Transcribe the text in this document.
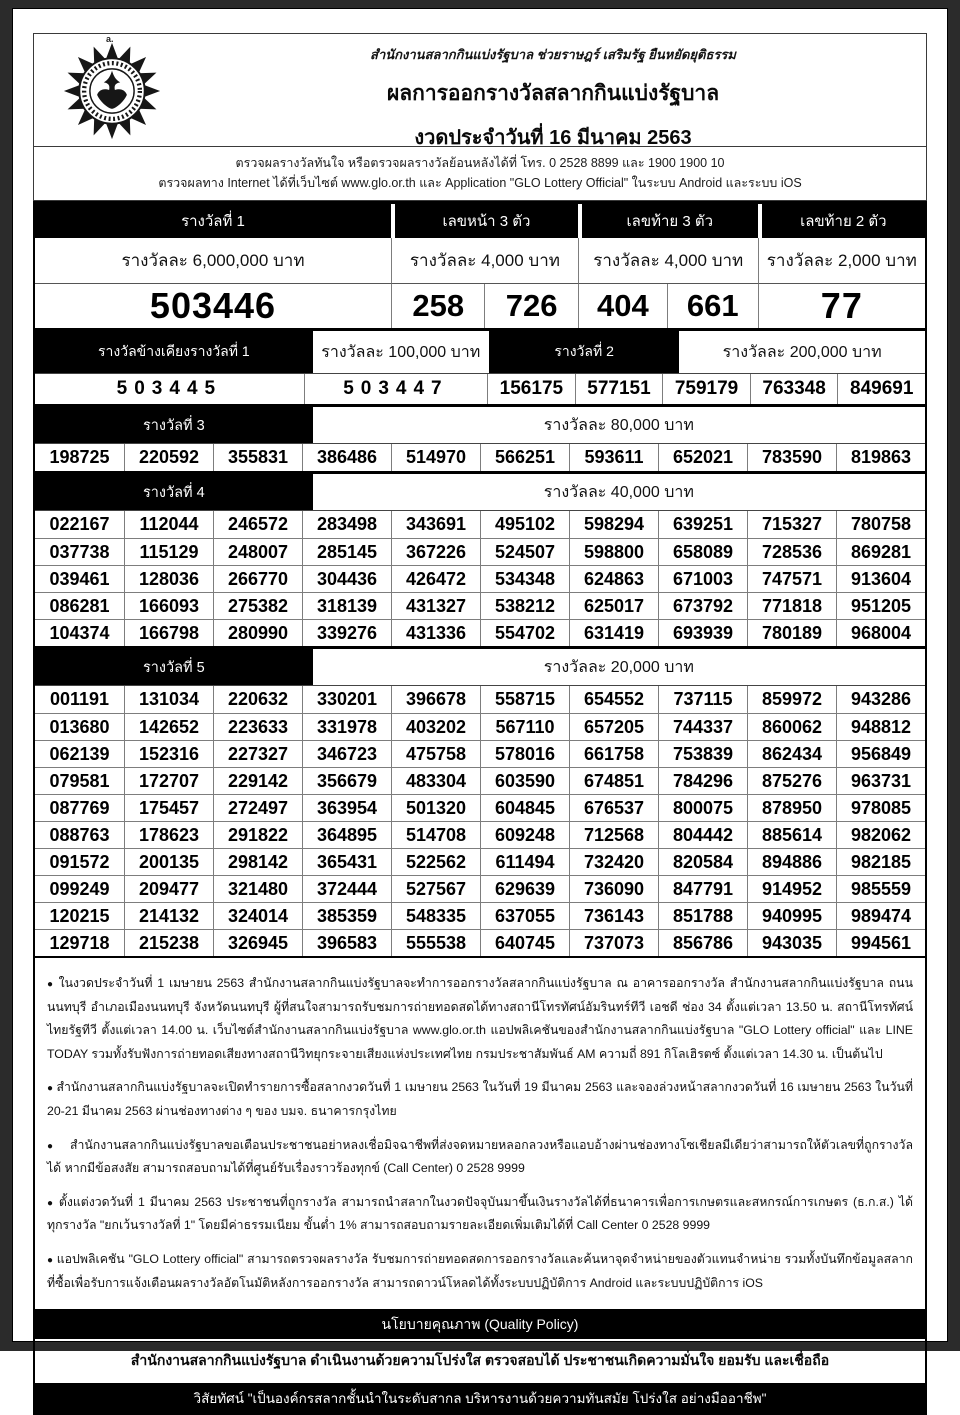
a.
สำนักงานสลากกินแบ่งรัฐบาล ช่วยราษฎร์ เสริมรัฐ ยืนหยัดยุติธรรม
ผลการออกรางวัลสลากกินแบ่งรัฐบาล
งวดประจำวันที่ 16 มีนาคม 2563
ตรวจผลรางวัลทันใจ หรือตรวจผลรางวัลย้อนหลังได้ที่ โทร. 0 2528 8899 และ 1900 1900 10
ตรวจผลทาง Internet ได้ที่เว็บไซต์ www.glo.or.th และ Application "GLO Lottery Official" ในระบบ Android และระบบ iOS
รางวัลที่ 1	เลขหน้า 3 ตัว	เลขท้าย 3 ตัว	เลขท้าย 2 ตัว
รางวัลละ 6,000,000 บาท	รางวัลละ 4,000 บาท	รางวัลละ 4,000 บาท	รางวัลละ 2,000 บาท
503446	258	726	404	661	77
รางวัลข้างเคียงรางวัลที่ 1	รางวัลละ 100,000 บาท	รางวัลที่ 2	รางวัลละ 200,000 บาท
503445	503447	156175	577151	759179	763348	849691
รางวัลที่ 3	รางวัลละ 80,000 บาท
198725	220592	355831	386486	514970	566251	593611	652021	783590	819863
รางวัลที่ 4	รางวัลละ 40,000 บาท
022167	112044	246572	283498	343691	495102	598294	639251	715327	780758
037738	115129	248007	285145	367226	524507	598800	658089	728536	869281
039461	128036	266770	304436	426472	534348	624863	671003	747571	913604
086281	166093	275382	318139	431327	538212	625017	673792	771818	951205
104374	166798	280990	339276	431336	554702	631419	693939	780189	968004
รางวัลที่ 5	รางวัลละ 20,000 บาท
001191	131034	220632	330201	396678	558715	654552	737115	859972	943286
013680	142652	223633	331978	403202	567110	657205	744337	860062	948812
062139	152316	227327	346723	475758	578016	661758	753839	862434	956849
079581	172707	229142	356679	483304	603590	674851	784296	875276	963731
087769	175457	272497	363954	501320	604845	676537	800075	878950	978085
088763	178623	291822	364895	514708	609248	712568	804442	885614	982062
091572	200135	298142	365431	522562	611494	732420	820584	894886	982185
099249	209477	321480	372444	527567	629639	736090	847791	914952	985559
120215	214132	324014	385359	548335	637055	736143	851788	940995	989474
129718	215238	326945	396583	555538	640745	737073	856786	943035	994561
● ในงวดประจำวันที่ 1 เมษายน 2563 สำนักงานสลากกินแบ่งรัฐบาลจะทำการออกรางวัลสลากกินแบ่งรัฐบาล ณ อาคารออกรางวัล สำนักงานสลากกินแบ่งรัฐบาล ถนนนนทบุรี อำเภอเมืองนนทบุรี จังหวัดนนทบุรี ผู้ที่สนใจสามารถรับชมการถ่ายทอดสดได้ทางสถานีโทรทัศน์อัมรินทร์ทีวี เอชดี ช่อง 34 ตั้งแต่เวลา 13.50 น. สถานีโทรทัศน์ไทยรัฐทีวี ตั้งแต่เวลา 14.00 น. เว็บไซต์สำนักงานสลากกินแบ่งรัฐบาล www.glo.or.th แอปพลิเคชันของสำนักงานสลากกินแบ่งรัฐบาล "GLO Lottery official" และ LINE TODAY รวมทั้งรับฟังการถ่ายทอดเสียงทางสถานีวิทยุกระจายเสียงแห่งประเทศไทย กรมประชาสัมพันธ์ AM ความถี่ 891 กิโลเฮิรตซ์ ตั้งแต่เวลา 14.30 น. เป็นต้นไป
● สำนักงานสลากกินแบ่งรัฐบาลจะเปิดทำรายการซื้อสลากงวดวันที่ 1 เมษายน 2563 ในวันที่ 19 มีนาคม 2563 และจองล่วงหน้าสลากงวดวันที่ 16 เมษายน 2563 ในวันที่ 20-21 มีนาคม 2563 ผ่านช่องทางต่าง ๆ ของ บมจ. ธนาคารกรุงไทย
● สำนักงานสลากกินแบ่งรัฐบาลขอเตือนประชาชนอย่าหลงเชื่อมิจฉาชีพที่ส่งจดหมายหลอกลวงหรือแอบอ้างผ่านช่องทางโซเชียลมีเดียว่าสามารถให้ตัวเลขที่ถูกรางวัลได้ หากมีข้อสงสัย สามารถสอบถามได้ที่ศูนย์รับเรื่องราวร้องทุกข์ (Call Center) 0 2528 9999
● ตั้งแต่งวดวันที่ 1 มีนาคม 2563 ประชาชนที่ถูกรางวัล สามารถนำสลากในงวดปัจจุบันมาขึ้นเงินรางวัลได้ที่ธนาคารเพื่อการเกษตรและสหกรณ์การเกษตร (ธ.ก.ส.) ได้ทุกรางวัล "ยกเว้นรางวัลที่ 1" โดยมีค่าธรรมเนียม ขั้นต่ำ 1% สามารถสอบถามรายละเอียดเพิ่มเติมได้ที่ Call Center 0 2528 9999
● แอปพลิเคชัน "GLO Lottery official" สามารถตรวจผลรางวัล รับชมการถ่ายทอดสดการออกรางวัลและค้นหาจุดจำหน่ายของตัวแทนจำหน่าย รวมทั้งบันทึกข้อมูลสลากที่ซื้อเพื่อรับการแจ้งเตือนผลรางวัลอัตโนมัติหลังการออกรางวัล สามารถดาวน์โหลดได้ทั้งระบบปฏิบัติการ Android และระบบปฏิบัติการ iOS
นโยบายคุณภาพ (Quality Policy)
สำนักงานสลากกินแบ่งรัฐบาล ดำเนินงานด้วยความโปร่งใส ตรวจสอบได้ ประชาชนเกิดความมั่นใจ ยอมรับ และเชื่อถือ
วิสัยทัศน์ "เป็นองค์กรสลากชั้นนำในระดับสากล บริหารงานด้วยความทันสมัย โปร่งใส อย่างมืออาชีพ"
